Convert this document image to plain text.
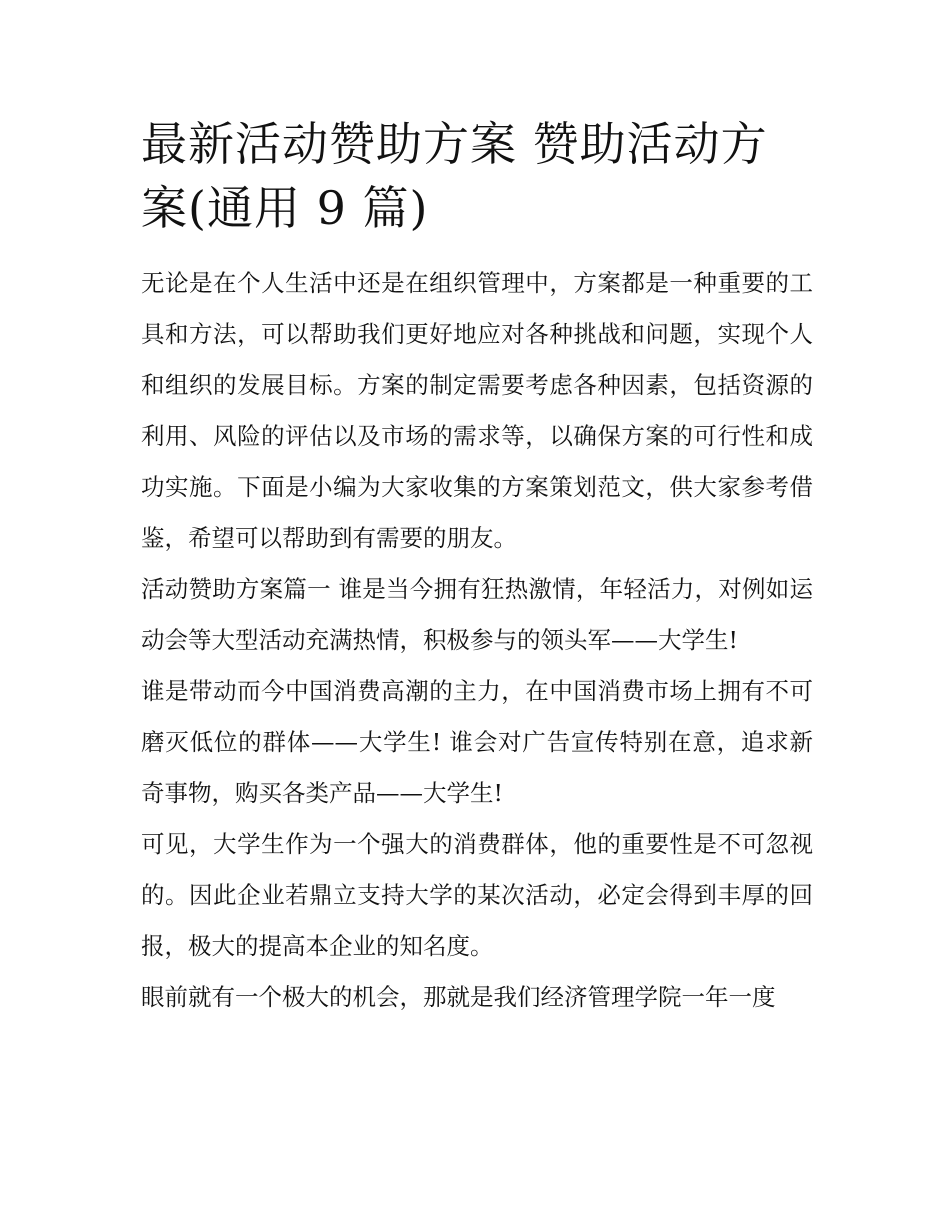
最新活动赞助方案 赞助活动方案(通用 9 篇)

无论是在个人生活中还是在组织管理中，方案都是一种重要的工具和方法，可以帮助我们更好地应对各种挑战和问题，实现个人和组织的发展目标。方案的制定需要考虑各种因素，包括资源的利用、风险的评估以及市场的需求等，以确保方案的可行性和成功实施。下面是小编为大家收集的方案策划范文，供大家参考借鉴，希望可以帮助到有需要的朋友。

活动赞助方案篇一 谁是当今拥有狂热激情，年轻活力，对例如运动会等大型活动充满热情，积极参与的领头军——大学生!

谁是带动而今中国消费高潮的主力，在中国消费市场上拥有不可磨灭低位的群体——大学生! 谁会对广告宣传特别在意，追求新奇事物，购买各类产品——大学生!

可见，大学生作为一个强大的消费群体，他的重要性是不可忽视的。因此企业若鼎立支持大学的某次活动，必定会得到丰厚的回报，极大的提高本企业的知名度。

眼前就有一个极大的机会，那就是我们经济管理学院一年一度
